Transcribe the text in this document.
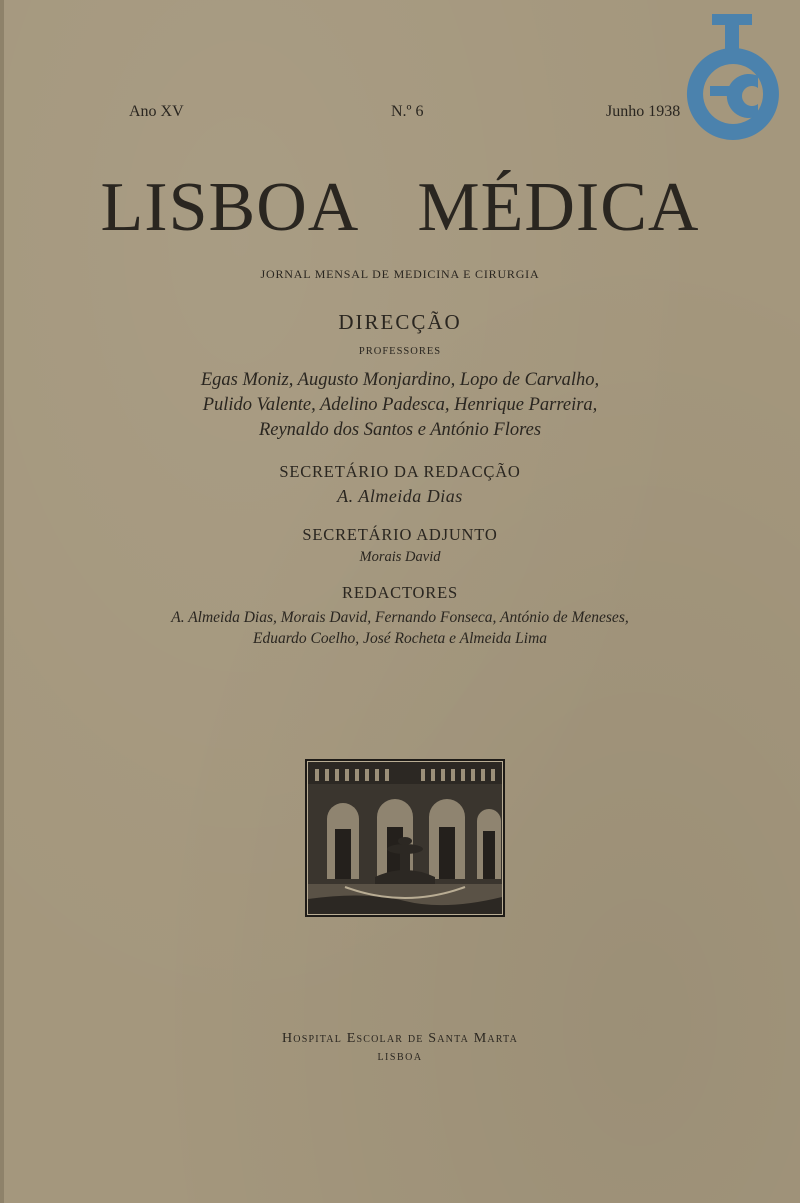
Ano XV	N.º 6	Junho 1938
LISBOA MÉDICA
JORNAL MENSAL DE MEDICINA E CIRURGIA
DIRECÇÃO
PROFESSORES
Egas Moniz, Augusto Monjardino, Lopo de Carvalho,
Pulido Valente, Adelino Padesca, Henrique Parreira,
Reynaldo dos Santos e António Flores
SECRETÁRIO DA REDACÇÃO
A. Almeida Dias
SECRETÁRIO ADJUNTO
Morais David
REDACTORES
A. Almeida Dias, Morais David, Fernando Fonseca, António de Meneses,
Eduardo Coelho, José Rocheta e Almeida Lima
Hospital Escolar de Santa Marta
LISBOA
